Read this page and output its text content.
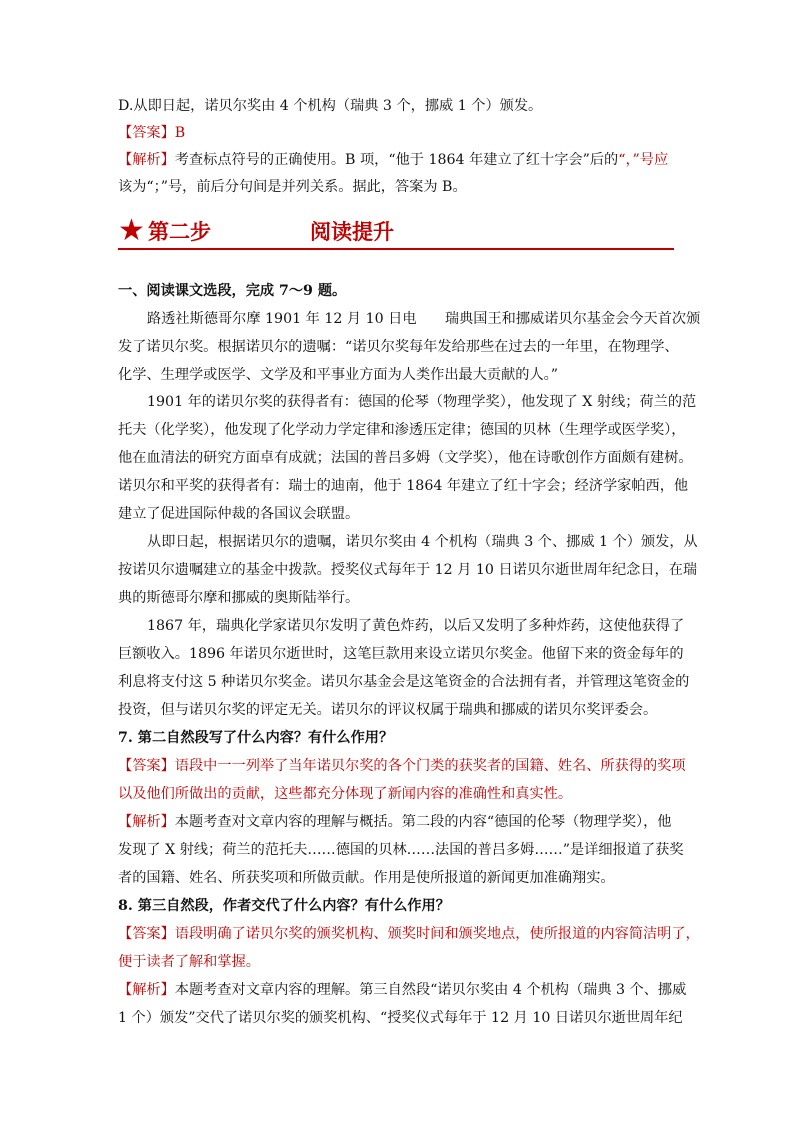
D.从即日起，诺贝尔奖由 4 个机构（瑞典 3 个，挪威 1 个）颁发。
【答案】B
【解析】考查标点符号的正确使用。B 项，“他于 1864 年建立了红十字会”后的“，”号应
该为“；”号，前后分句间是并列关系。据此，答案为 B。
★ 第二步	阅读提升
一、阅读课文选段，完成 7～9 题。
路透社斯德哥尔摩 1901 年 12 月 10 日电　　瑞典国王和挪威诺贝尔基金会今天首次颁
发了诺贝尔奖。根据诺贝尔的遗嘱：“诺贝尔奖每年发给那些在过去的一年里，在物理学、
化学、生理学或医学、文学及和平事业方面为人类作出最大贡献的人。”
1901 年的诺贝尔奖的获得者有：德国的伦琴（物理学奖），他发现了 X 射线；荷兰的范
托夫（化学奖），他发现了化学动力学定律和渗透压定律；德国的贝林（生理学或医学奖），
他在血清法的研究方面卓有成就；法国的普吕多姆（文学奖），他在诗歌创作方面颇有建树。
诺贝尔和平奖的获得者有：瑞士的迪南，他于 1864 年建立了红十字会；经济学家帕西，他
建立了促进国际仲裁的各国议会联盟。
从即日起，根据诺贝尔的遗嘱，诺贝尔奖由 4 个机构（瑞典 3 个、挪威 1 个）颁发，从
按诺贝尔遗嘱建立的基金中拨款。授奖仪式每年于 12 月 10 日诺贝尔逝世周年纪念日，在瑞
典的斯德哥尔摩和挪威的奥斯陆举行。
1867 年，瑞典化学家诺贝尔发明了黄色炸药，以后又发明了多种炸药，这使他获得了
巨额收入。1896 年诺贝尔逝世时，这笔巨款用来设立诺贝尔奖金。他留下来的资金每年的
利息将支付这 5 种诺贝尔奖金。诺贝尔基金会是这笔资金的合法拥有者，并管理这笔资金的
投资，但与诺贝尔奖的评定无关。诺贝尔的评议权属于瑞典和挪威的诺贝尔奖评委会。
7. 第二自然段写了什么内容？有什么作用？
【答案】语段中一一列举了当年诺贝尔奖的各个门类的获奖者的国籍、姓名、所获得的奖项
以及他们所做出的贡献，这些都充分体现了新闻内容的准确性和真实性。
【解析】本题考查对文章内容的理解与概括。第二段的内容“德国的伦琴（物理学奖），他
发现了 X 射线；荷兰的范托夫……德国的贝林……法国的普吕多姆……”是详细报道了获奖
者的国籍、姓名、所获奖项和所做贡献。作用是使所报道的新闻更加准确翔实。
8. 第三自然段，作者交代了什么内容？有什么作用？
【答案】语段明确了诺贝尔奖的颁奖机构、颁奖时间和颁奖地点，使所报道的内容简洁明了，
便于读者了解和掌握。
【解析】本题考查对文章内容的理解。第三自然段“诺贝尔奖由 4 个机构（瑞典 3 个、挪威
1 个）颁发”交代了诺贝尔奖的颁奖机构、“授奖仪式每年于 12 月 10 日诺贝尔逝世周年纪
